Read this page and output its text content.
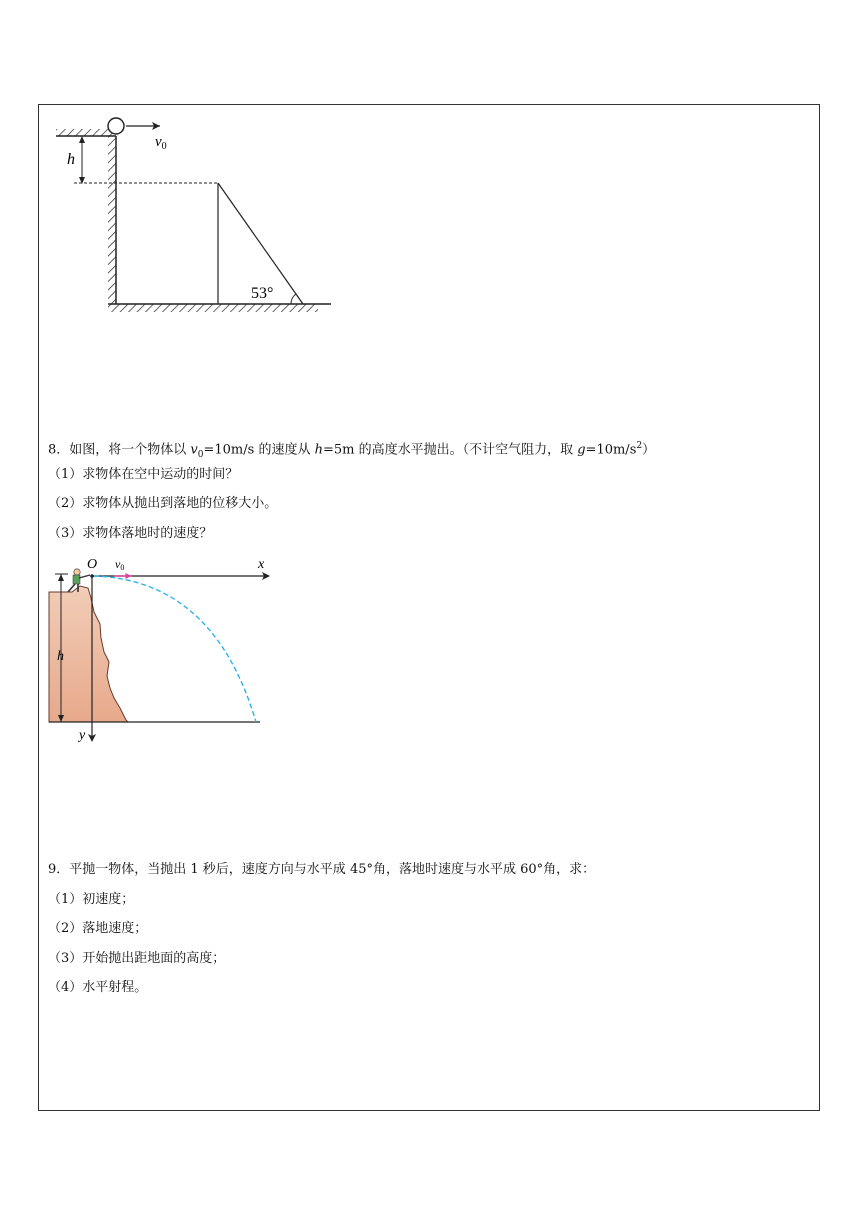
$v_0$
h
53°
8．如图，将一个物体以 $v_0=10m/s$ 的速度从 h=5m 的高度水平抛出。（不计空气阻力，取 $g=10m/s^2$）
（1）求物体在空中运动的时间？
（2）求物体从抛出到落地的位移大小。
（3）求物体落地时的速度？
x
y
O v0
h
9．平抛一物体，当抛出 1 秒后，速度方向与水平成 45°角，落地时速度与水平成 60°角，求：
（1）初速度；
（2）落地速度；
（3）开始抛出距地面的高度；
（4）水平射程。
